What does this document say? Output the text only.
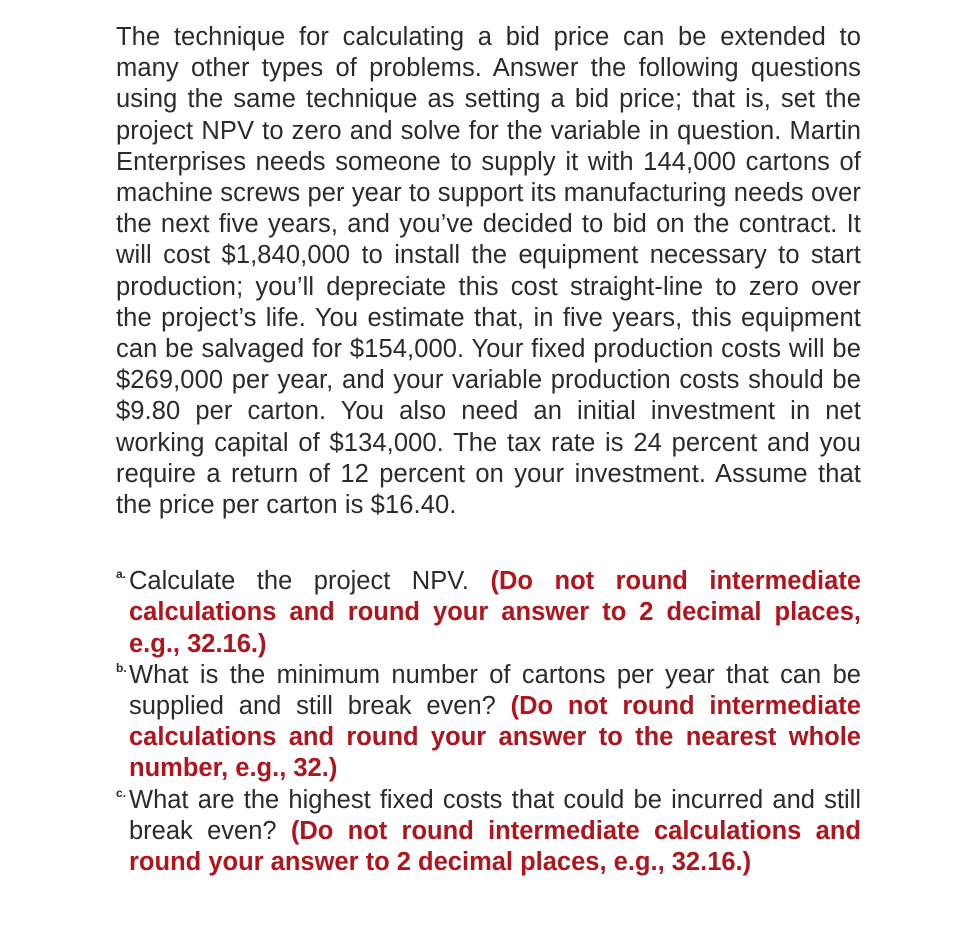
The technique for calculating a bid price can be extended to many other types of problems. Answer the following questions using the same technique as setting a bid price; that is, set the project NPV to zero and solve for the variable in question. Martin Enterprises needs someone to supply it with 144,000 cartons of machine screws per year to support its manufacturing needs over the next five years, and you’ve decided to bid on the contract. It will cost $1,840,000 to install the equipment necessary to start production; you’ll depreciate this cost straight-line to zero over the project’s life. You estimate that, in five years, this equipment can be salvaged for $154,000. Your fixed production costs will be $269,000 per year, and your variable production costs should be $9.80 per carton. You also need an initial investment in net working capital of $134,000. The tax rate is 24 percent and you require a return of 12 percent on your investment. Assume that the price per carton is $16.40.

a. Calculate the project NPV. (Do not round intermediate calculations and round your answer to 2 decimal places, e.g., 32.16.)
b. What is the minimum number of cartons per year that can be supplied and still break even? (Do not round intermediate calculations and round your answer to the nearest whole number, e.g., 32.)
c. What are the highest fixed costs that could be incurred and still break even? (Do not round intermediate calculations and round your answer to 2 decimal places, e.g., 32.16.)
